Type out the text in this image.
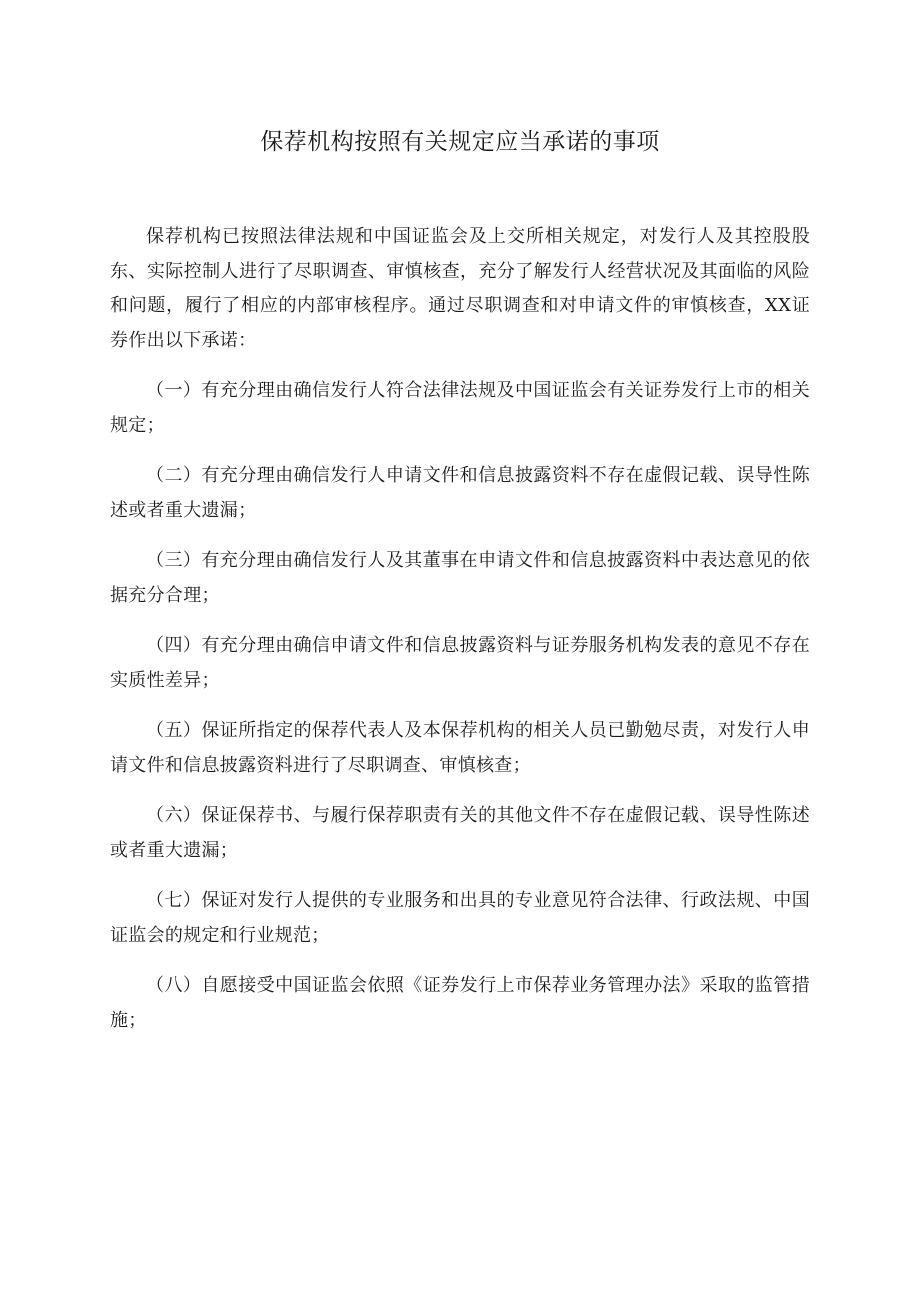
保荐机构按照有关规定应当承诺的事项

保荐机构已按照法律法规和中国证监会及上交所相关规定，对发行人及其控股股东、实际控制人进行了尽职调查、审慎核查，充分了解发行人经营状况及其面临的风险和问题，履行了相应的内部审核程序。通过尽职调查和对申请文件的审慎核查，XX证券作出以下承诺：

（一）有充分理由确信发行人符合法律法规及中国证监会有关证券发行上市的相关规定；

（二）有充分理由确信发行人申请文件和信息披露资料不存在虚假记载、误导性陈述或者重大遗漏；

（三）有充分理由确信发行人及其董事在申请文件和信息披露资料中表达意见的依据充分合理；

（四）有充分理由确信申请文件和信息披露资料与证券服务机构发表的意见不存在实质性差异；

（五）保证所指定的保荐代表人及本保荐机构的相关人员已勤勉尽责，对发行人申请文件和信息披露资料进行了尽职调查、审慎核查；

（六）保证保荐书、与履行保荐职责有关的其他文件不存在虚假记载、误导性陈述或者重大遗漏；

（七）保证对发行人提供的专业服务和出具的专业意见符合法律、行政法规、中国证监会的规定和行业规范；

（八）自愿接受中国证监会依照《证券发行上市保荐业务管理办法》采取的监管措施；
